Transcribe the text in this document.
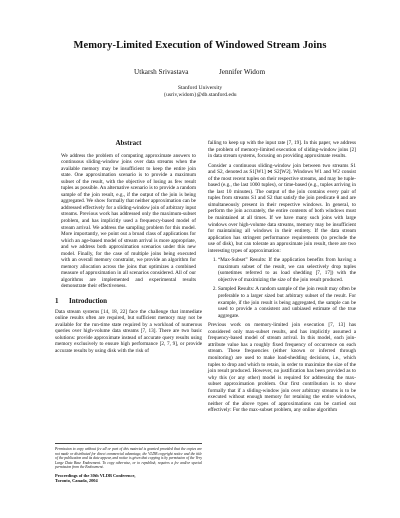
Memory-Limited Execution of Windowed Stream Joins
Utkarsh Srivastava	Jennifer Widom
Stanford University
{usriv,widom}@db.stanford.edu
Abstract

We address the problem of computing approximate answers to continuous sliding-window joins over data streams when the available memory may be insufficient to keep the entire join state. One approximation scenario is to provide a maximum subset of the result, with the objective of losing as few result tuples as possible. An alternative scenario is to provide a random sample of the join result, e.g., if the output of the join is being aggregated. We show formally that neither approximation can be addressed effectively for a sliding-window join of arbitrary input streams. Previous work has addressed only the maximum-subset problem, and has implicitly used a frequency-based model of stream arrival. We address the sampling problem for this model. More importantly, we point out a broad class of applications for which an age-based model of stream arrival is more appropriate, and we address both approximation scenarios under this new model. Finally, for the case of multiple joins being executed with an overall memory constraint, we provide an algorithm for memory allocation across the joins that optimizes a combined measure of approximation in all scenarios considered. All of our algorithms are implemented and experimental results demonstrate their effectiveness.

1 Introduction

Data stream systems [14, 18, 22] face the challenge that immediate online results often are required, but sufficient memory may not be available for the run-time state required by a workload of numerous queries over high-volume data streams [7, 13]. There are two basic solutions: provide approximate instead of accurate query results using memory exclusively to ensure high performance [2, 7, 9], or provide accurate results by using disk with the risk of

Permission to copy without fee all or part of this material is granted provided that the copies are not made or distributed for direct commercial advantage, the VLDB copyright notice and the title of the publication and its date appear, and notice is given that copying is by permission of the Very Large Data Base Endowment. To copy otherwise, or to republish, requires a fee and/or special permission from the Endowment.
Proceedings of the 30th VLDB Conference,
Toronto, Canada, 2004

failing to keep up with the input rate [7, 19]. In this paper, we address the problem of memory-limited execution of sliding-window joins [2] in data stream systems, focusing on providing approximate results.

Consider a continuous sliding-window join between two streams S1 and S2, denoted as S1[W1] ⋈ S2[W2]. Windows W1 and W2 consist of the most recent tuples on their respective streams, and may be tuple-based (e.g., the last 1000 tuples), or time-based (e.g., tuples arriving in the last 10 minutes). The output of the join contains every pair of tuples from streams S1 and S2 that satisfy the join predicate θ and are simultaneously present in their respective windows. In general, to perform the join accurately, the entire contents of both windows must be maintained at all times. If we have many such joins with large windows over high-volume data streams, memory may be insufficient for maintaining all windows in their entirety. If the data stream application has stringent performance requirements (to preclude the use of disk), but can tolerate an approximate join result, there are two interesting types of approximation:

1. “Max-Subset” Results: If the application benefits from having a maximum subset of the result, we can selectively drop tuples (sometimes referred to as load shedding [7, 17]) with the objective of maximizing the size of the join result produced.
2. Sampled Results: A random sample of the join result may often be preferable to a larger sized but arbitrary subset of the result. For example, if the join result is being aggregated, the sample can be used to provide a consistent and unbiased estimate of the true aggregate.

Previous work on memory-limited join execution [7, 13] has considered only max-subset results, and has implicitly assumed a frequency-based model of stream arrival. In this model, each join-attribute value has a roughly fixed frequency of occurrence on each stream. These frequencies (either known or inferred through monitoring) are used to make load-shedding decisions, i.e., which tuples to drop and which to retain, in order to maximize the size of the join result produced. However, no justification has been provided as to why this (or any other) model is required for addressing the max-subset approximation problem. Our first contribution is to show formally that if a sliding-window join over arbitrary streams is to be executed without enough memory for retaining the entire windows, neither of the above types of approximations can be carried out effectively: For the max-subset problem, any online algorithm
